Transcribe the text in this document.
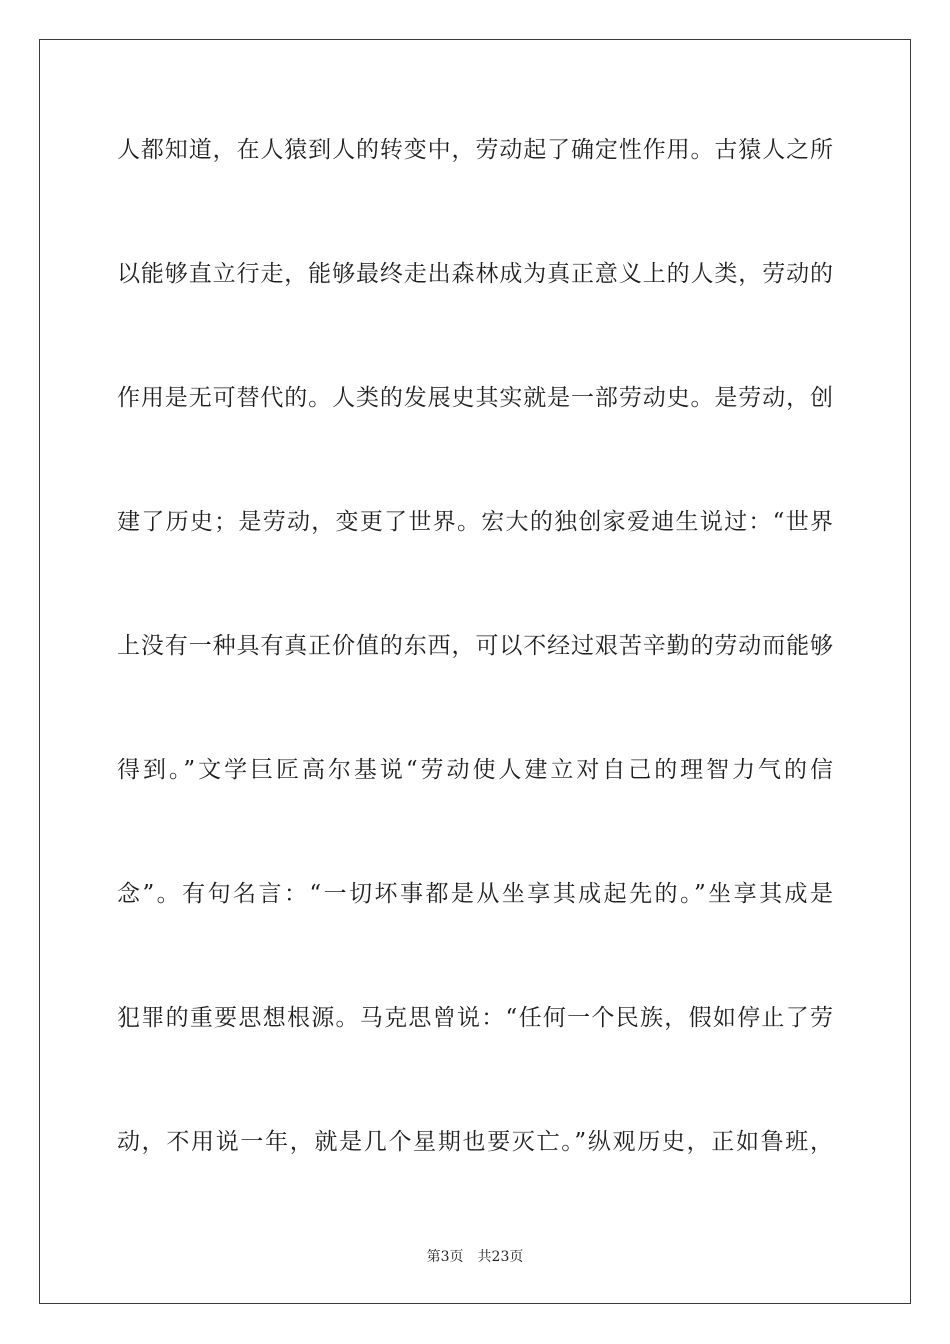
人都知道，在人猿到人的转变中，劳动起了确定性作用。古猿人之所
以能够直立行走，能够最终走出森林成为真正意义上的人类，劳动的
作用是无可替代的。人类的发展史其实就是一部劳动史。是劳动，创
建了历史；是劳动，变更了世界。宏大的独创家爱迪生说过：“世界
上没有一种具有真正价值的东西，可以不经过艰苦辛勤的劳动而能够
得到。”文学巨匠高尔基说“劳动使人建立对自己的理智力气的信
念”。有句名言：“一切坏事都是从坐享其成起先的。”坐享其成是
犯罪的重要思想根源。马克思曾说：“任何一个民族，假如停止了劳
动，不用说一年，就是几个星期也要灭亡。”纵观历史，正如鲁班，
第3页 共23页
